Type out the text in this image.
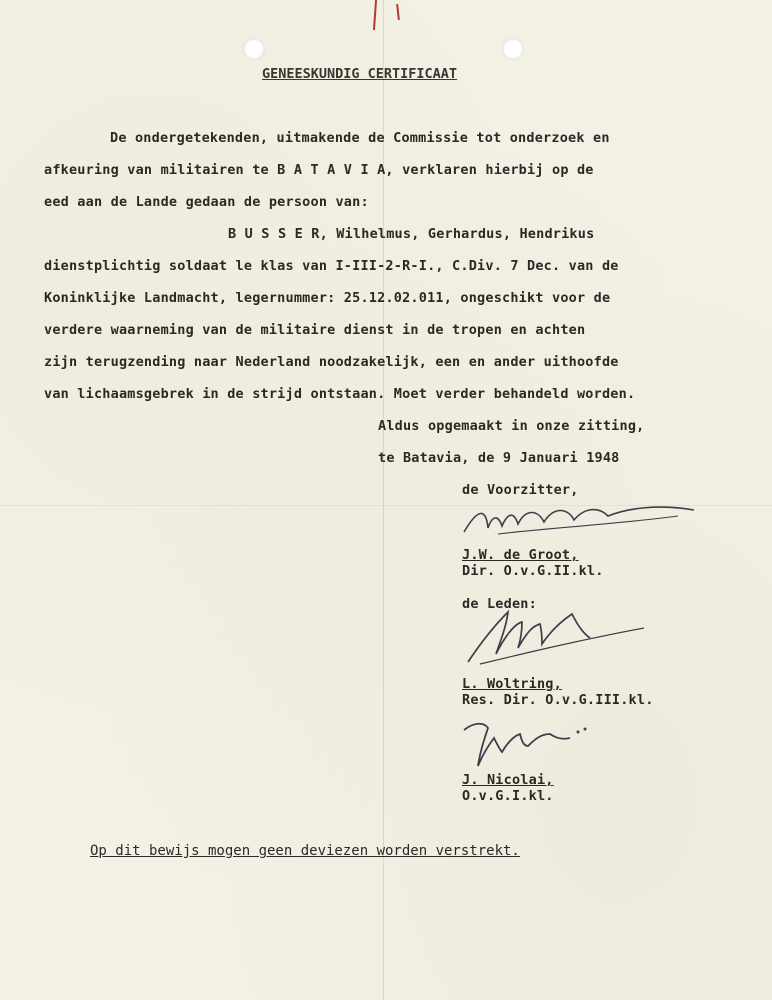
GENEESKUNDIG CERTIFICAAT
De ondergetekenden, uitmakende de Commissie tot onderzoek en
afkeuring van militairen te B A T A V I A, verklaren hierbij op de
eed aan de Lande gedaan de persoon van:
B U S S E R, Wilhelmus, Gerhardus, Hendrikus
dienstplichtig soldaat le klas van I-III-2-R-I., C.Div. 7 Dec. van de
Koninklijke Landmacht, legernummer: 25.12.02.011, ongeschikt voor de
verdere waarneming van de militaire dienst in de tropen en achten
zijn terugzending naar Nederland noodzakelijk, een en ander uithoofde
van lichaamsgebrek in de strijd ontstaan. Moet verder behandeld worden.
Aldus opgemaakt in onze zitting,
te Batavia, de 9 Januari 1948
de Voorzitter,
J.W. de Groot,
Dir. O.v.G.II.kl.
de Leden:
L. Woltring,
Res. Dir. O.v.G.III.kl.
J. Nicolai,
O.v.G.I.kl.
Op dit bewijs mogen geen deviezen worden verstrekt.
